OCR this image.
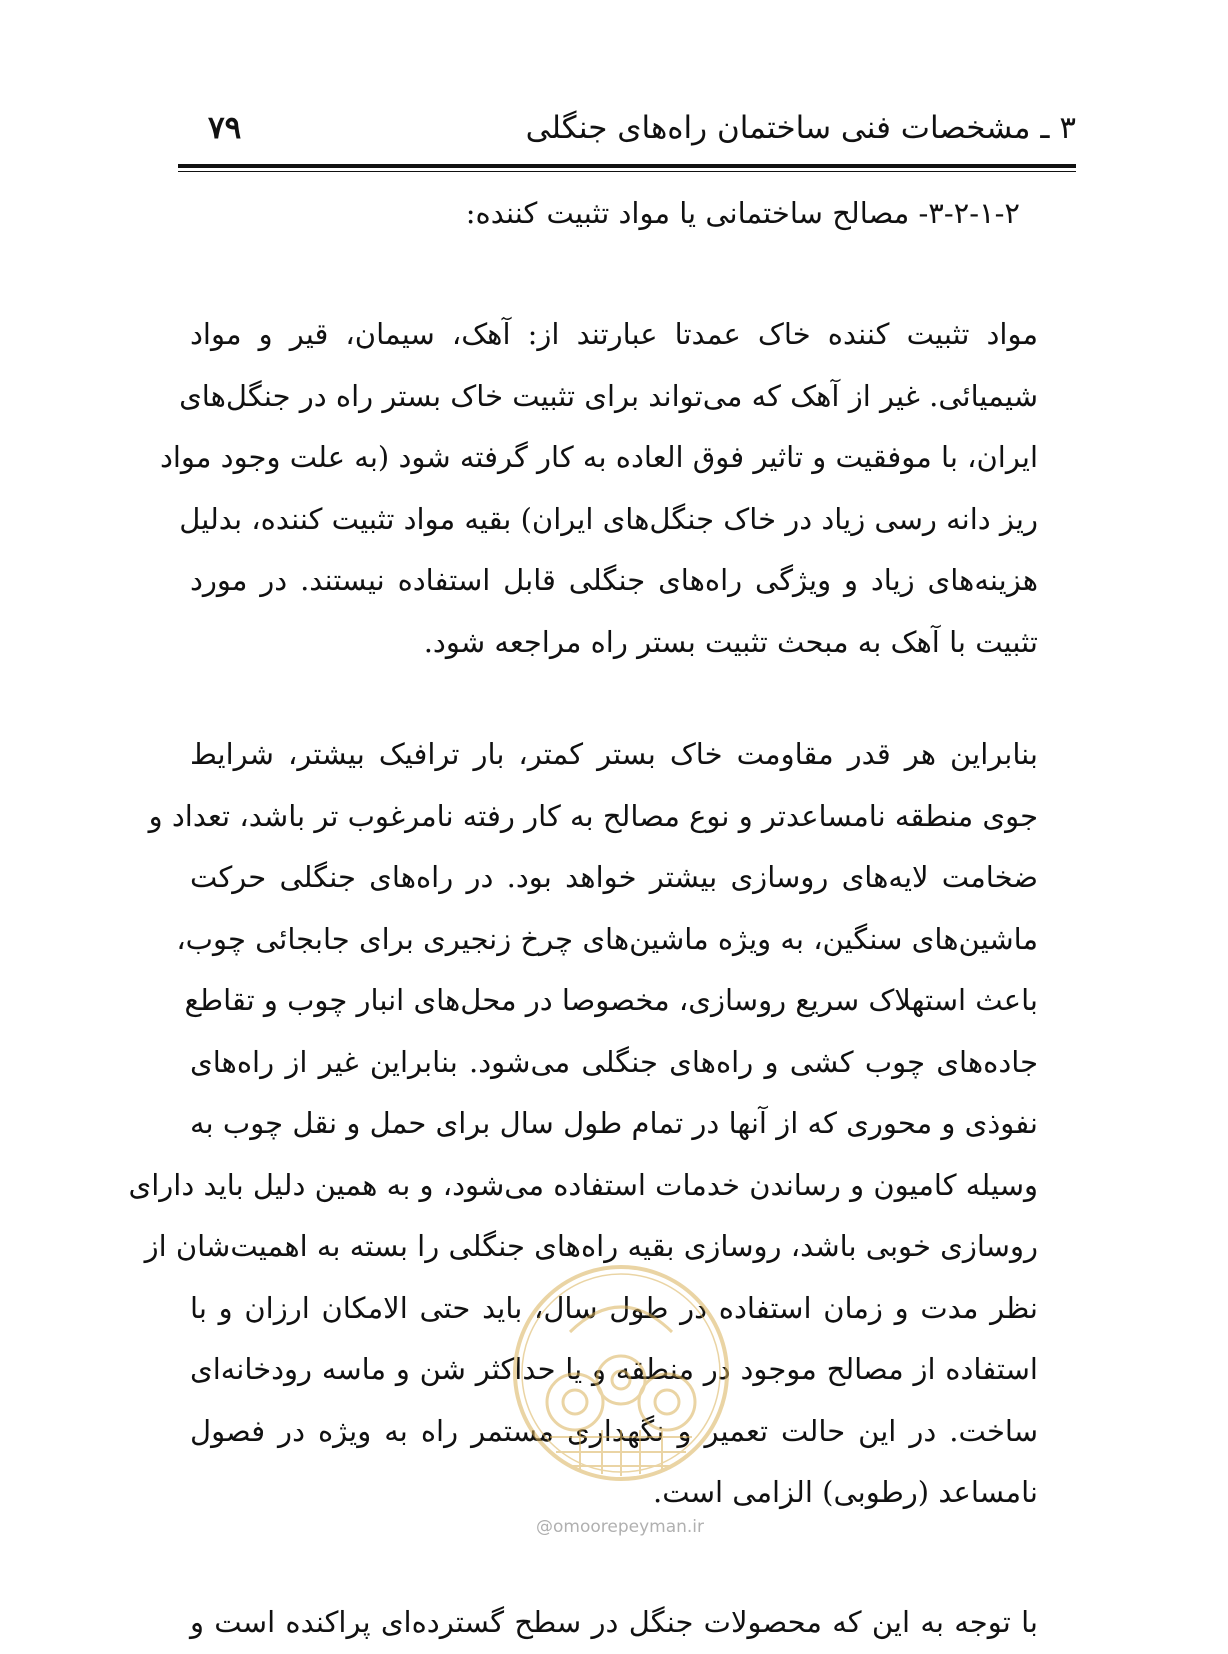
۳ ـ مشخصات فنی ساختمان راه‌های جنگلی
۷۹
۳-۲-۱-۲- مصالح ساختمانی یا مواد تثبیت کننده:
مواد تثبیت کننده خاک عمدتا عبارتند از: آهک، سیمان، قیر و مواد
شیمیائی. غیر از آهک که می‌تواند برای تثبیت خاک بستر راه در جنگل‌های
ایران، با موفقیت و تاثیر فوق العاده به کار گرفته شود (به علت وجود مواد
ریز دانه رسی زیاد در خاک جنگل‌های ایران) بقیه مواد تثبیت کننده، بدلیل
هزینه‌های زیاد و ویژگی راه‌های جنگلی قابل استفاده نیستند. در مورد
تثبیت با آهک به مبحث تثبیت بستر راه مراجعه شود.
بنابراین هر قدر مقاومت خاک بستر کمتر، بار ترافیک بیشتر، شرایط
جوی منطقه نامساعدتر و نوع مصالح به کار رفته نامرغوب تر باشد، تعداد و
ضخامت لایه‌های روسازی بیشتر خواهد بود. در راه‌های جنگلی حرکت
ماشین‌های سنگین، به ویژه ماشین‌های چرخ زنجیری برای جابجائی چوب،
باعث استهلاک سریع روسازی، مخصوصا در محل‌های انبار چوب و تقاطع
جاده‌های چوب کشی و راه‌های جنگلی می‌شود. بنابراین غیر از راه‌های
نفوذی و محوری که از آنها در تمام طول سال برای حمل و نقل چوب به
وسیله کامیون و رساندن خدمات استفاده می‌شود، و به همین دلیل باید دارای
روسازی خوبی باشد، روسازی بقیه راه‌های جنگلی را بسته به اهمیت‌شان از
نظر مدت و زمان استفاده در طول سال، باید حتی الامکان ارزان و با
استفاده از مصالح موجود در منطقه و یا حداکثر شن و ماسه رودخانه‌ای
ساخت. در این حالت تعمیر و نگهداری مستمر راه به ویژه در فصول
نامساعد (رطوبی) الزامی است.
با توجه به این که محصولات جنگل در سطح گسترده‌ای پراکنده است و
@omoorepeyman.ir
